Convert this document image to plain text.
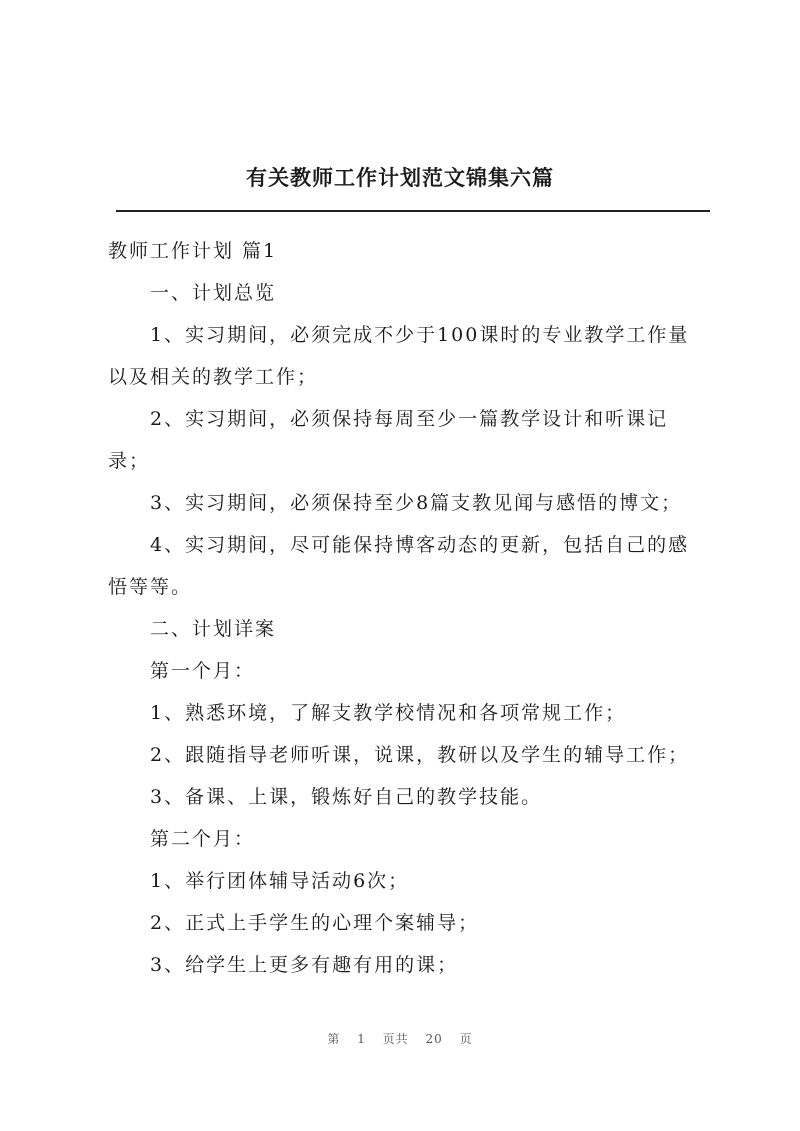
有关教师工作计划范文锦集六篇
教师工作计划 篇1
一、计划总览
1、实习期间，必须完成不少于100课时的专业教学工作量
以及相关的教学工作；
2、实习期间，必须保持每周至少一篇教学设计和听课记
录；
3、实习期间，必须保持至少8篇支教见闻与感悟的博文；
4、实习期间，尽可能保持博客动态的更新，包括自己的感
悟等等。
二、计划详案
第一个月：
1、熟悉环境，了解支教学校情况和各项常规工作；
2、跟随指导老师听课，说课，教研以及学生的辅导工作；
3、备课、上课，锻炼好自己的教学技能。
第二个月：
1、举行团体辅导活动6次；
2、正式上手学生的心理个案辅导；
3、给学生上更多有趣有用的课；
第 1 页共 20 页
